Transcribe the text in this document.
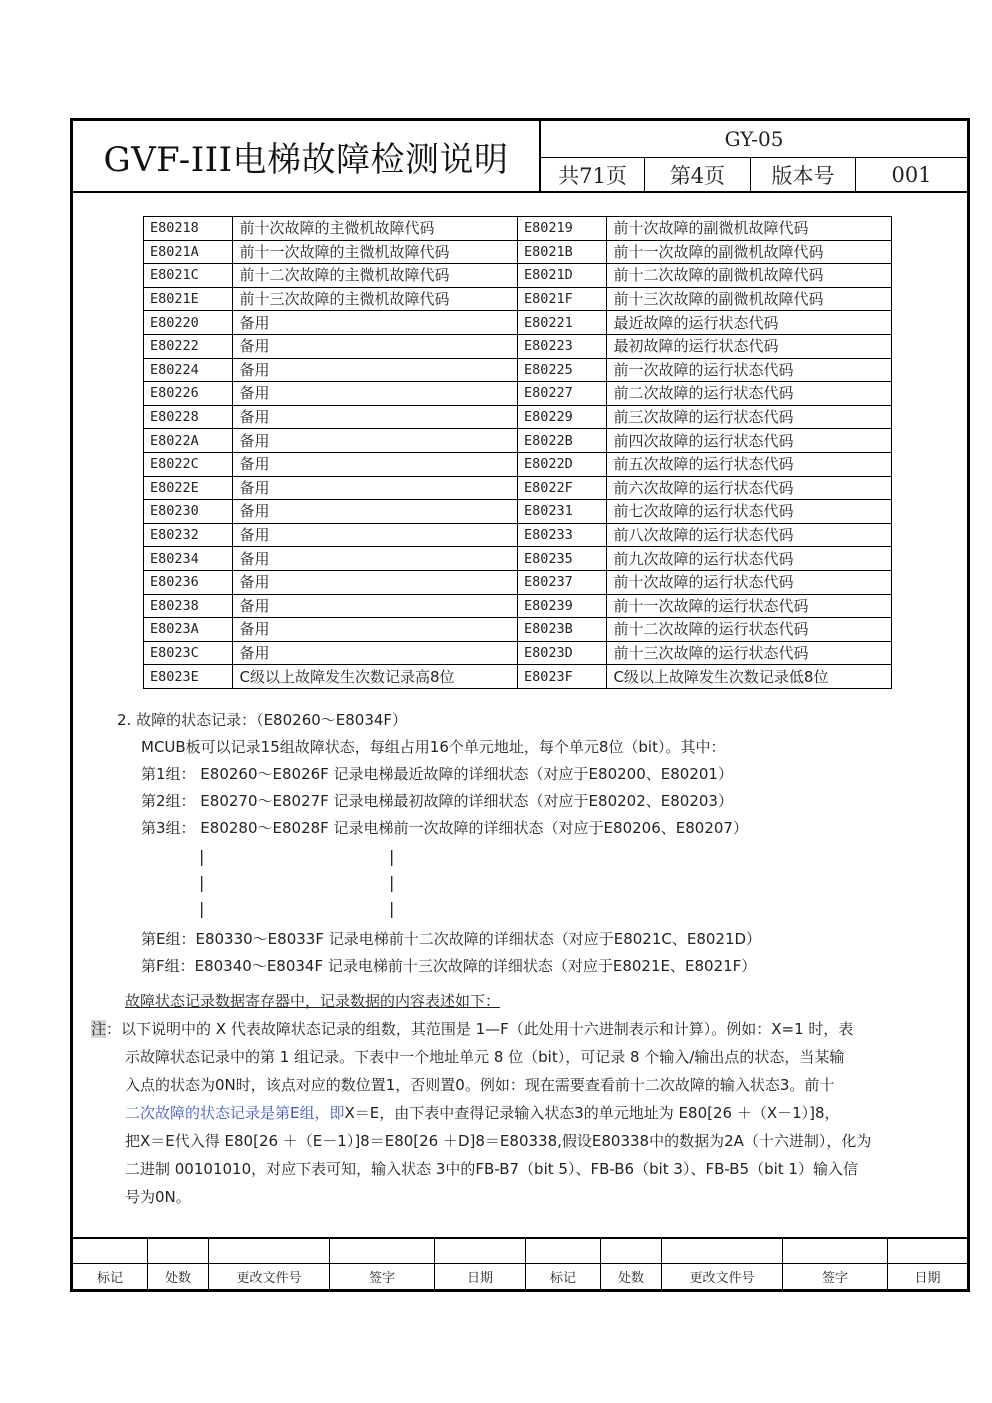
GVF-III电梯故障检测说明
GY-05
共71页	第4页	版本号	001
E80218	前十次故障的主微机故障代码	E80219	前十次故障的副微机故障代码
E8021A	前十一次故障的主微机故障代码	E8021B	前十一次故障的副微机故障代码
E8021C	前十二次故障的主微机故障代码	E8021D	前十二次故障的副微机故障代码
E8021E	前十三次故障的主微机故障代码	E8021F	前十三次故障的副微机故障代码
E80220	备用	E80221	最近故障的运行状态代码
E80222	备用	E80223	最初故障的运行状态代码
E80224	备用	E80225	前一次故障的运行状态代码
E80226	备用	E80227	前二次故障的运行状态代码
E80228	备用	E80229	前三次故障的运行状态代码
E8022A	备用	E8022B	前四次故障的运行状态代码
E8022C	备用	E8022D	前五次故障的运行状态代码
E8022E	备用	E8022F	前六次故障的运行状态代码
E80230	备用	E80231	前七次故障的运行状态代码
E80232	备用	E80233	前八次故障的运行状态代码
E80234	备用	E80235	前九次故障的运行状态代码
E80236	备用	E80237	前十次故障的运行状态代码
E80238	备用	E80239	前十一次故障的运行状态代码
E8023A	备用	E8023B	前十二次故障的运行状态代码
E8023C	备用	E8023D	前十三次故障的运行状态代码
E8023E	C级以上故障发生次数记录高8位	E8023F	C级以上故障发生次数记录低8位
2. 故障的状态记录：（E80260～E8034F）
MCUB板可以记录15组故障状态，每组占用16个单元地址，每个单元8位（bit）。其中：
第1组： E80260～E8026F 记录电梯最近故障的详细状态（对应于E80200、E80201）
第2组： E80270～E8027F 记录电梯最初故障的详细状态（对应于E80202、E80203）
第3组： E80280～E8028F 记录电梯前一次故障的详细状态（对应于E80206、E80207）
|	|
|	|
|	|
第E组：E80330～E8033F 记录电梯前十二次故障的详细状态（对应于E8021C、E8021D）
第F组：E80340～E8034F 记录电梯前十三次故障的详细状态（对应于E8021E、E8021F）
故障状态记录数据寄存器中，记录数据的内容表述如下：
注：以下说明中的 X 代表故障状态记录的组数，其范围是 1—F（此处用十六进制表示和计算）。例如：X=1 时，表
示故障状态记录中的第 1 组记录。下表中一个地址单元 8 位（bit），可记录 8 个输入/输出点的状态，当某输
入点的状态为0N时，该点对应的数位置1，否则置0。例如：现在需要查看前十二次故障的输入状态3。前十
二次故障的状态记录是第E组，即X＝E，由下表中查得记录输入状态3的单元地址为 E80[26 ＋（X－1）]8，
把X＝E代入得 E80[26 ＋（E－1）]8＝E80[26 ＋D]8＝E80338,假设E80338中的数据为2A（十六进制），化为
二进制 00101010，对应下表可知，输入状态 3中的FB-B7（bit 5）、FB-B6（bit 3）、FB-B5（bit 1）输入信
号为0N。

标记	处数	更改文件号	签字	日期	标记	处数	更改文件号	签字	日期
